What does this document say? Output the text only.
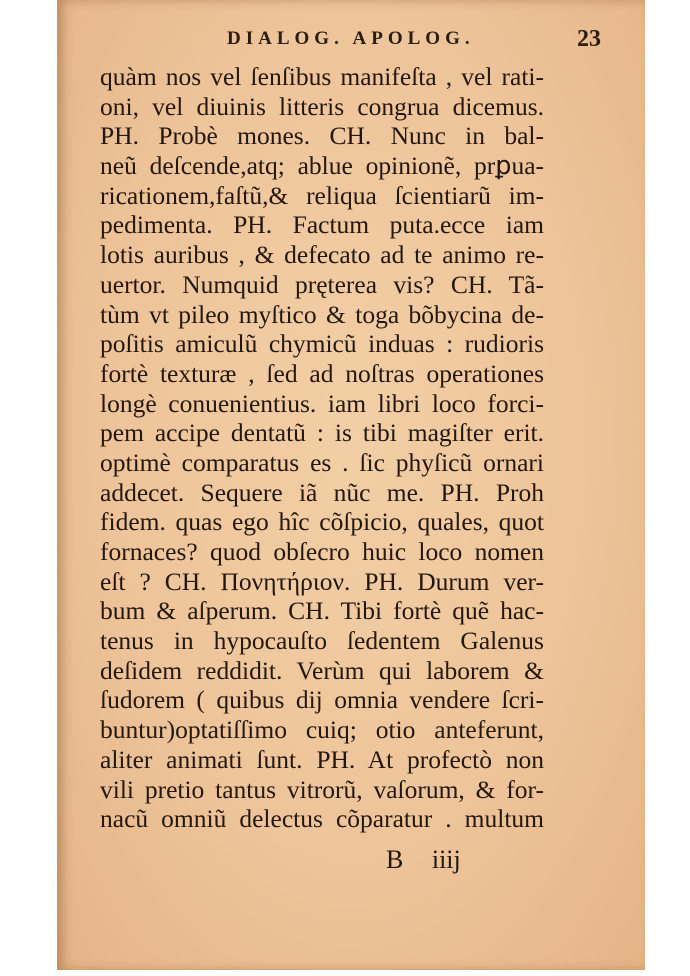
DIALOG. APOLOG.	23
quàm nos vel ſenſibus manifeſta , vel rati-
oni, vel diuinis litteris congrua dicemus.
PH. Probè mones. CH. Nunc in bal-
neũ deſcende,atq; ablue opinionẽ, prꝑua-
ricationem,faſtũ,& reliqua ſcientiarũ im-
pedimenta. PH. Factum puta.ecce iam
lotis auribus , & defecato ad te animo re-
uertor. Numquid pręterea vis? CH. Tã-
tùm vt pileo myſtico & toga bõbycina de-
poſitis amiculũ chymicũ induas : rudioris
fortè texturæ , ſed ad noſtras operationes
longè conuenientius. iam libri loco forci-
pem accipe dentatũ : is tibi magiſter erit.
optimè comparatus es . ſic phyſicũ ornari
addecet. Sequere iã nũc me. PH. Proh
fidem. quas ego hîc cõſpicio, quales, quot
fornaces? quod obſecro huic loco nomen
eſt ? CH. Πονητήριον. PH. Durum ver-
bum & aſperum. CH. Tibi fortè quẽ hac-
tenus in hypocauſto ſedentem Galenus
deſidem reddidit. Verùm qui laborem &
ſudorem ( quibus dij omnia vendere ſcri-
buntur)optatiſſimo cuiq; otio anteferunt,
aliter animati ſunt. PH. At profectò non
vili pretio tantus vitrorũ, vaſorum, & for-
nacũ omniũ delectus cõparatur . multum
B iiij
